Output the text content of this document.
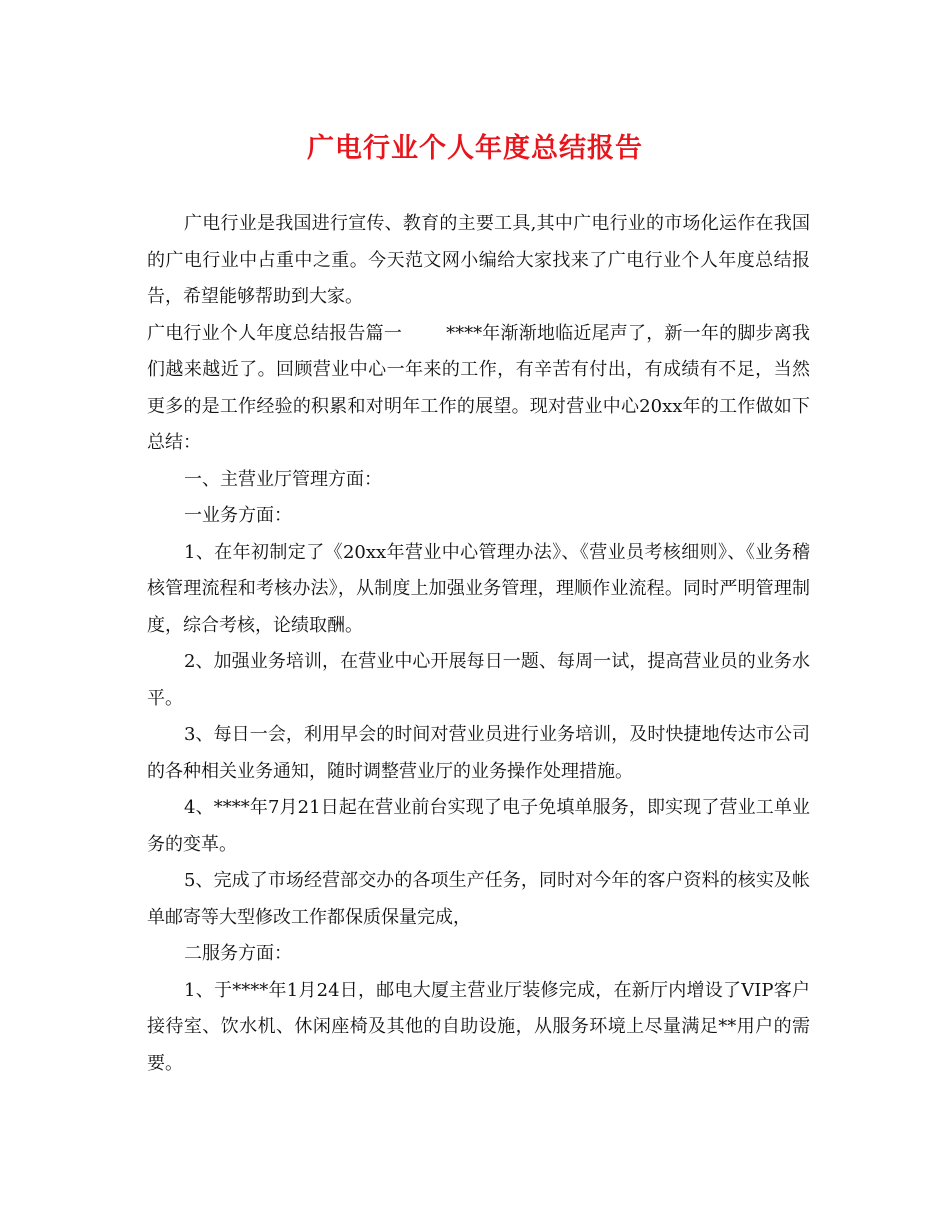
广电行业个人年度总结报告

广电行业是我国进行宣传、教育的主要工具,其中广电行业的市场化运作在我国的广电行业中占重中之重。今天范文网小编给大家找来了广电行业个人年度总结报告，希望能够帮助到大家。

广电行业个人年度总结报告篇一 ****年渐渐地临近尾声了，新一年的脚步离我们越来越近了。回顾营业中心一年来的工作，有辛苦有付出，有成绩有不足，当然更多的是工作经验的积累和对明年工作的展望。现对营业中心20xx年的工作做如下总结：

一、主营业厅管理方面：

一业务方面：

1、在年初制定了《20xx年营业中心管理办法》、《营业员考核细则》、《业务稽核管理流程和考核办法》，从制度上加强业务管理，理顺作业流程。同时严明管理制度，综合考核，论绩取酬。

2、加强业务培训，在营业中心开展每日一题、每周一试，提高营业员的业务水平。

3、每日一会，利用早会的时间对营业员进行业务培训，及时快捷地传达市公司的各种相关业务通知，随时调整营业厅的业务操作处理措施。

4、****年7月21日起在营业前台实现了电子免填单服务，即实现了营业工单业务的变革。

5、完成了市场经营部交办的各项生产任务，同时对今年的客户资料的核实及帐单邮寄等大型修改工作都保质保量完成，

二服务方面：

1、于****年1月24日，邮电大厦主营业厅装修完成，在新厅内增设了VIP客户接待室、饮水机、休闲座椅及其他的自助设施，从服务环境上尽量满足**用户的需要。
